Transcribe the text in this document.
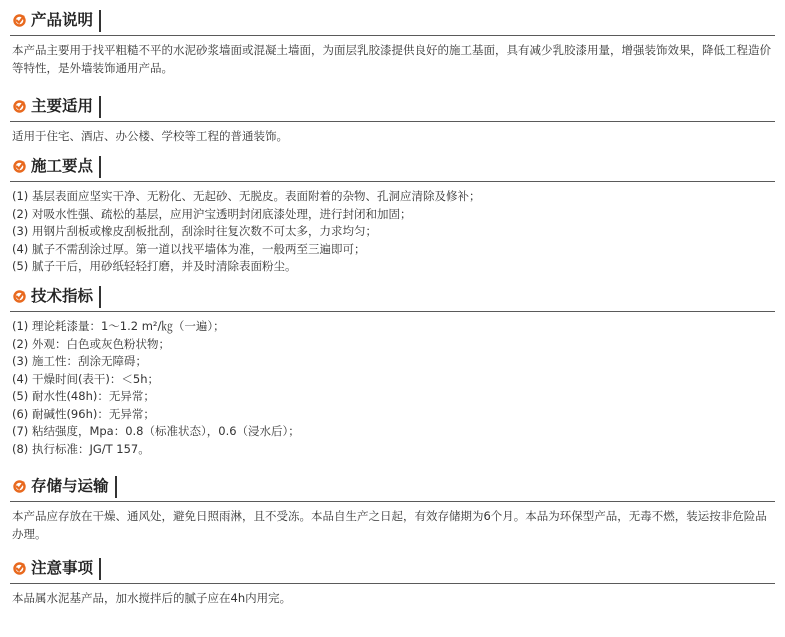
产品说明

本产品主要用于找平粗糙不平的水泥砂浆墙面或混凝土墙面，为面层乳胶漆提供良好的施工基面，具有减少乳胶漆用量，增强装饰效果，降低工程造价等特性，是外墙装饰通用产品。

主要适用

适用于住宅、酒店、办公楼、学校等工程的普通装饰。

施工要点
(1) 基层表面应坚实干净、无粉化、无起砂、无脱皮。表面附着的杂物、孔洞应清除及修补；
(2) 对吸水性强、疏松的基层，应用沪宝透明封闭底漆处理，进行封闭和加固；
(3) 用钢片刮板或橡皮刮板批刮，刮涂时往复次数不可太多，力求均匀；
(4) 腻子不需刮涂过厚。第一道以找平墙体为准，一般两至三遍即可；
(5) 腻子干后，用砂纸轻轻打磨，并及时清除表面粉尘。
技术指标
(1) 理论耗漆量：1～1.2 m²/㎏（一遍）；
(2) 外观：白色或灰色粉状物；
(3) 施工性：刮涂无障碍；
(4) 干燥时间(表干)：＜5h；
(5) 耐水性(48h)：无异常；
(6) 耐碱性(96h)：无异常；
(7) 粘结强度，Mpa：0.8（标准状态），0.6（浸水后）；
(8) 执行标准：JG/T 157。
存储与运输

本产品应存放在干燥、通风处，避免日照雨淋，且不受冻。本品自生产之日起，有效存储期为6个月。本品为环保型产品，无毒不燃，装运按非危险品办理。

注意事项

本品属水泥基产品，加水搅拌后的腻子应在4h内用完。
